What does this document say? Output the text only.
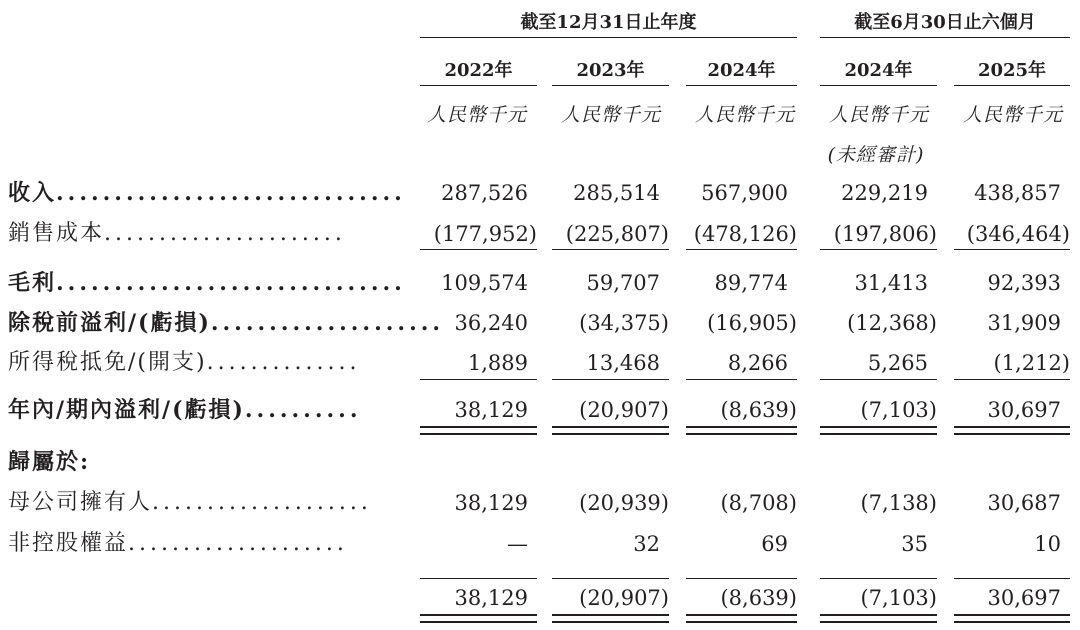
截至12月31日止年度	截至6月30日止六個月
2022年	2023年	2024年	2024年	2025年
人民幣千元	人民幣千元	人民幣千元	人民幣千元	人民幣千元
(未經審計)
收入..............................	287,526	285,514	567,900	229,219	438,857
銷售成本......................	(177,952)	(225,807)	(478,126)	(197,806)	(346,464)
毛利..............................	109,574	59,707	89,774	31,413	92,393
除稅前溢利/(虧損).................... 36,240	(34,375)	(16,905)	(12,368)	31,909
所得稅抵免/(開支)..............	1,889	13,468	8,266	5,265	(1,212)
年內/期內溢利/(虧損)..........	38,129	(20,907)	(8,639)	(7,103)	30,697
歸屬於:
母公司擁有人....................	38,129	(20,939)	(8,708)	(7,138)	30,687
非控股權益....................	—	32	69	35	10
38,129	(20,907)	(8,639)	(7,103)	30,697
